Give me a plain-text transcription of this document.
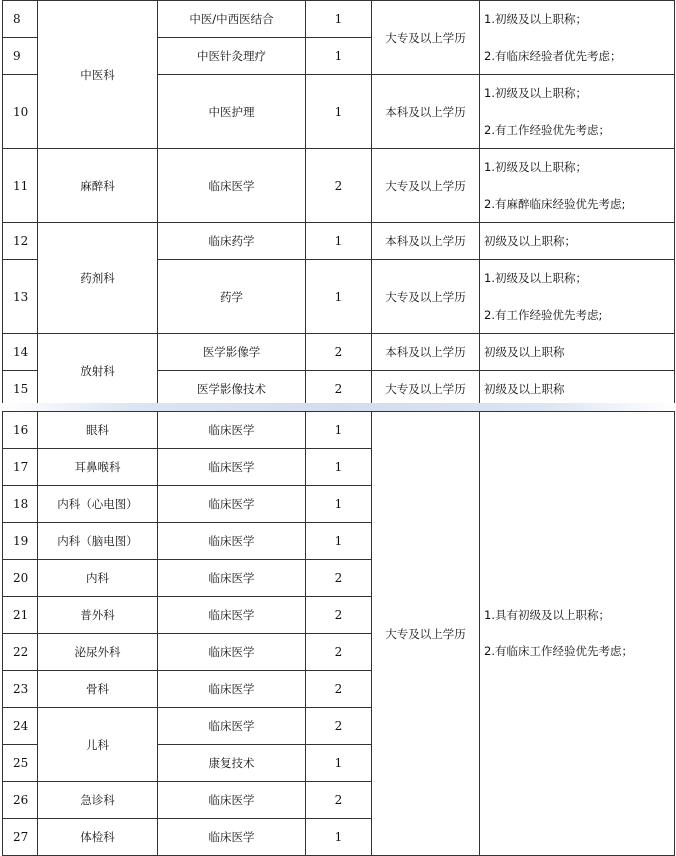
8	中医科	中医/中西医结合	1	大专及以上学历	1.初级及以上职称；
2.有临床经验者优先考虑；

9		中医针灸理疗	1		
10		中医护理	1	本科及以上学历	1.初级及以上职称；
2.有工作经验优先考虑；

11	麻醉科	临床医学	2	大专及以上学历	1.初级及以上职称；
2.有麻醉临床经验优先考虑;

12	药剂科	临床药学	1	本科及以上学历	初级及以上职称；

13		药学	1	大专及以上学历	1.初级及以上职称；
2.有工作经验优先考虑;

14	放射科	医学影像学	2	本科及以上学历	初级及以上职称

15		医学影像技术	2	大专及以上学历	初级及以上职称
16	眼科	临床医学	1	大专及以上学历	1.具有初级及以上职称；
2.有临床工作经验优先考虑；

17	耳鼻喉科	临床医学	1		
18	内科（心电图）	临床医学	1		
19	内科（脑电图）	临床医学	1		
20	内科	临床医学	2		
21	普外科	临床医学	2		
22	泌尿外科	临床医学	2		
23	骨科	临床医学	2		
24	儿科	临床医学	2		
25		康复技术	1		
26	急诊科	临床医学	2		
27	体检科	临床医学	1		
